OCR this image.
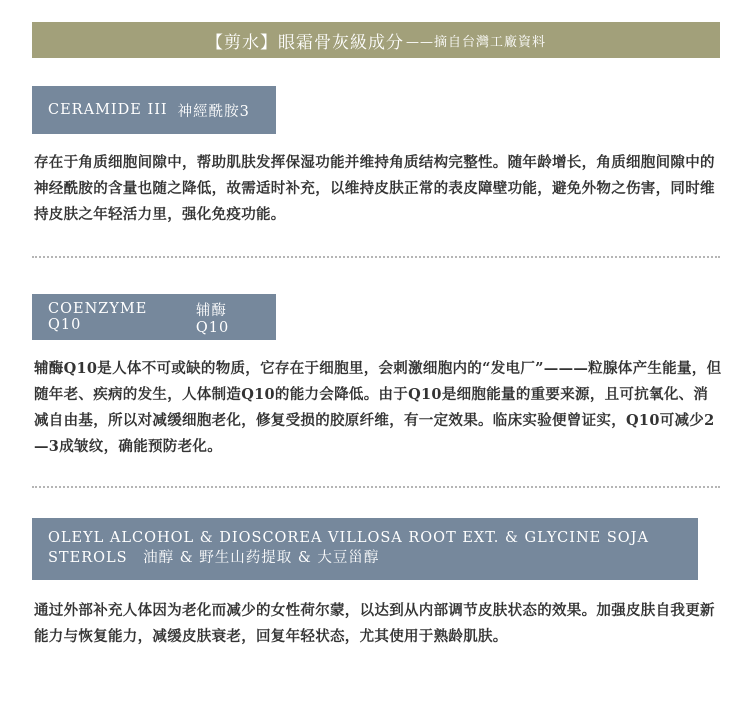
【剪水】眼霜骨灰級成分 ——摘自台灣工廠資料
CERAMIDE III 神經酰胺3

存在于角质细胞间隙中，帮助肌肤发挥保湿功能并维持角质结构完整性。随年龄增长，角质细胞间隙中的神经酰胺的含量也随之降低，故需适时补充，以维持皮肤正常的表皮障壁功能，避免外物之伤害，同时维持皮肤之年轻活力里，强化免疫功能。

COENZYME Q10
辅酶Q10

辅酶Q10是人体不可或缺的物质，它存在于细胞里，会刺激细胞内的“发电厂”———粒腺体产生能量，但随年老、疾病的发生，人体制造Q10的能力会降低。由于Q10是细胞能量的重要来源，且可抗氧化、消减自由基，所以对减缓细胞老化，修复受损的胶原纤维，有一定效果。临床实验便曾证实，Q10可减少2—3成皱纹，确能预防老化。

OLEYL ALCOHOL & DIOSCOREA VILLOSA ROOT EXT. & GLYCINE SOJA STEROLS 油醇 & 野生山药提取 & 大豆甾醇

通过外部补充人体因为老化而减少的女性荷尔蒙，以达到从内部调节皮肤状态的效果。加强皮肤自我更新能力与恢复能力，减缓皮肤衰老，回复年轻状态，尤其使用于熟龄肌肤。
